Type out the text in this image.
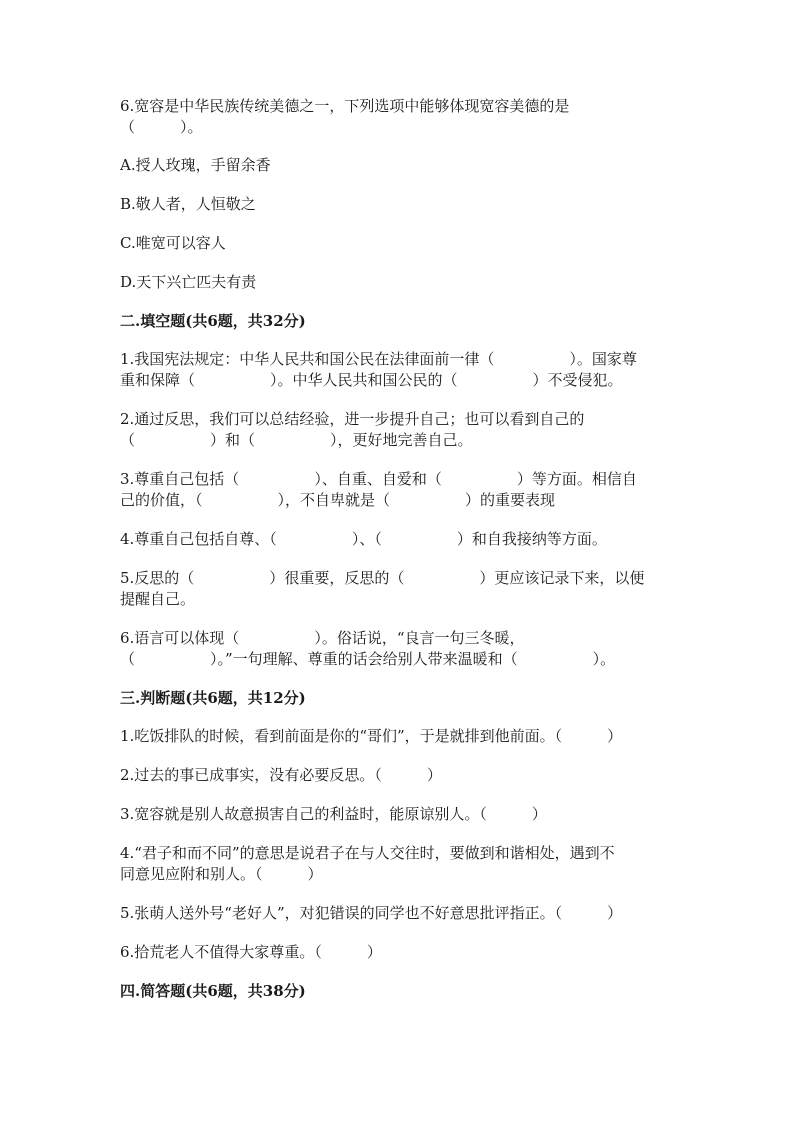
6.宽容是中华民族传统美德之一，下列选项中能够体现宽容美德的是

（　　　）。

A.授人玫瑰，手留余香

B.敬人者，人恒敬之

C.唯宽可以容人

D.天下兴亡匹夫有责

二.填空题(共6题，共32分)

1.我国宪法规定：中华人民共和国公民在法律面前一律（　　　　　）。国家尊

重和保障（　　　　　）。中华人民共和国公民的（　　　　　）不受侵犯。

2.通过反思，我们可以总结经验，进一步提升自己；也可以看到自己的

（　　　　　）和（　　　　　），更好地完善自己。

3.尊重自己包括（　　　　　）、自重、自爱和（　　　　　）等方面。相信自

己的价值，（　　　　　），不自卑就是（　　　　　）的重要表现

4.尊重自己包括自尊、（　　　　　）、（　　　　　）和自我接纳等方面。

5.反思的（　　　　　）很重要，反思的（　　　　　）更应该记录下来，以便

提醒自己。

6.语言可以体现（　　　　　）。俗话说，“良言一句三冬暖，

（　　　　　）。”一句理解、尊重的话会给别人带来温暖和（　　　　　）。

三.判断题(共6题，共12分)

1.吃饭排队的时候，看到前面是你的“哥们”，于是就排到他前面。（　　　）

2.过去的事已成事实，没有必要反思。（　　　）

3.宽容就是别人故意损害自己的利益时，能原谅别人。（　　　）

4.“君子和而不同”的意思是说君子在与人交往时，要做到和谐相处，遇到不

同意见应附和别人。（　　　）

5.张萌人送外号“老好人”，对犯错误的同学也不好意思批评指正。（　　　）

6.拾荒老人不值得大家尊重。（　　　）

四.简答题(共6题，共38分)
